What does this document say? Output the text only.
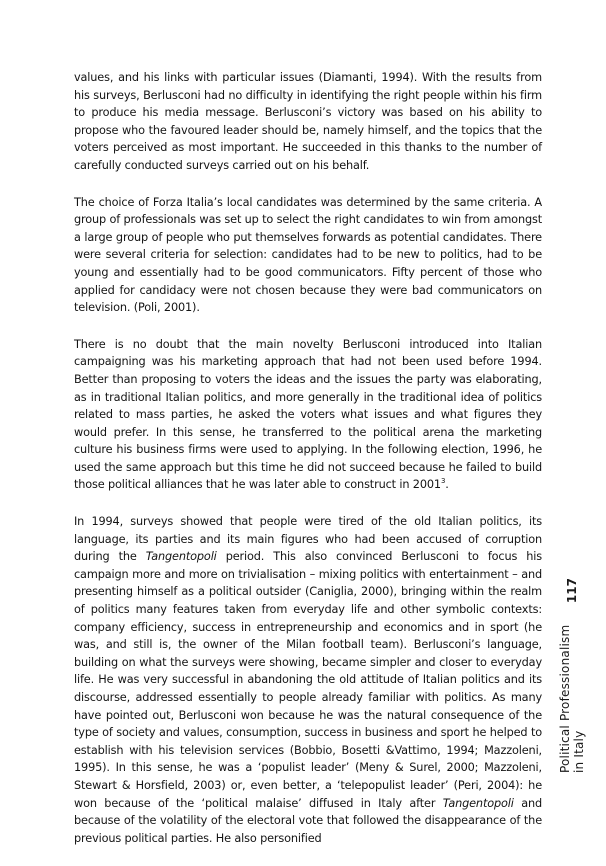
values, and his links with particular issues (Diamanti, 1994). With the results from his surveys, Berlusconi had no difficulty in identifying the right people within his firm to produce his media message. Berlusconi’s victory was based on his ability to propose who the favoured leader should be, namely himself, and the topics that the voters perceived as most important. He succeeded in this thanks to the number of carefully conducted surveys carried out on his behalf.

The choice of Forza Italia’s local candidates was determined by the same criteria. A group of professionals was set up to select the right candidates to win from amongst a large group of people who put themselves forwards as potential candidates. There were several criteria for selection: candidates had to be new to politics, had to be young and essentially had to be good communicators. Fifty percent of those who applied for candidacy were not chosen because they were bad communicators on television. (Poli, 2001).

There is no doubt that the main novelty Berlusconi introduced into Italian campaigning was his marketing approach that had not been used before 1994. Better than proposing to voters the ideas and the issues the party was elaborating, as in traditional Italian politics, and more generally in the traditional idea of politics related to mass parties, he asked the voters what issues and what figures they would prefer. In this sense, he transferred to the political arena the marketing culture his business firms were used to applying. In the following election, 1996, he used the same approach but this time he did not succeed because he failed to build those political alliances that he was later able to construct in 2001$^3$.

In 1994, surveys showed that people were tired of the old Italian politics, its language, its parties and its main figures who had been accused of corruption during the Tangentopoli period. This also convinced Berlusconi to focus his campaign more and more on trivialisation – mixing politics with entertainment – and presenting himself as a political outsider (Caniglia, 2000), bringing within the realm of politics many features taken from everyday life and other symbolic contexts: company efficiency, success in entrepreneurship and economics and in sport (he was, and still is, the owner of the Milan football team). Berlusconi’s language, building on what the surveys were showing, became simpler and closer to everyday life. He was very successful in abandoning the old attitude of Italian politics and its discourse, addressed essentially to people already familiar with politics. As many have pointed out, Berlusconi won because he was the natural consequence of the type of society and values, consumption, success in business and sport he helped to establish with his television services (Bobbio, Bosetti &Vattimo, 1994; Mazzoleni, 1995). In this sense, he was a ‘populist leader’ (Meny & Surel, 2000; Mazzoleni, Stewart & Horsfield, 2003) or, even better, a ‘telepopulist leader’ (Peri, 2004): he won because of the ‘political malaise’ diffused in Italy after Tangentopoli and because of the volatility of the electoral vote that followed the disappearance of the previous political parties. He also personified

Political Professionalism in Italy
117
